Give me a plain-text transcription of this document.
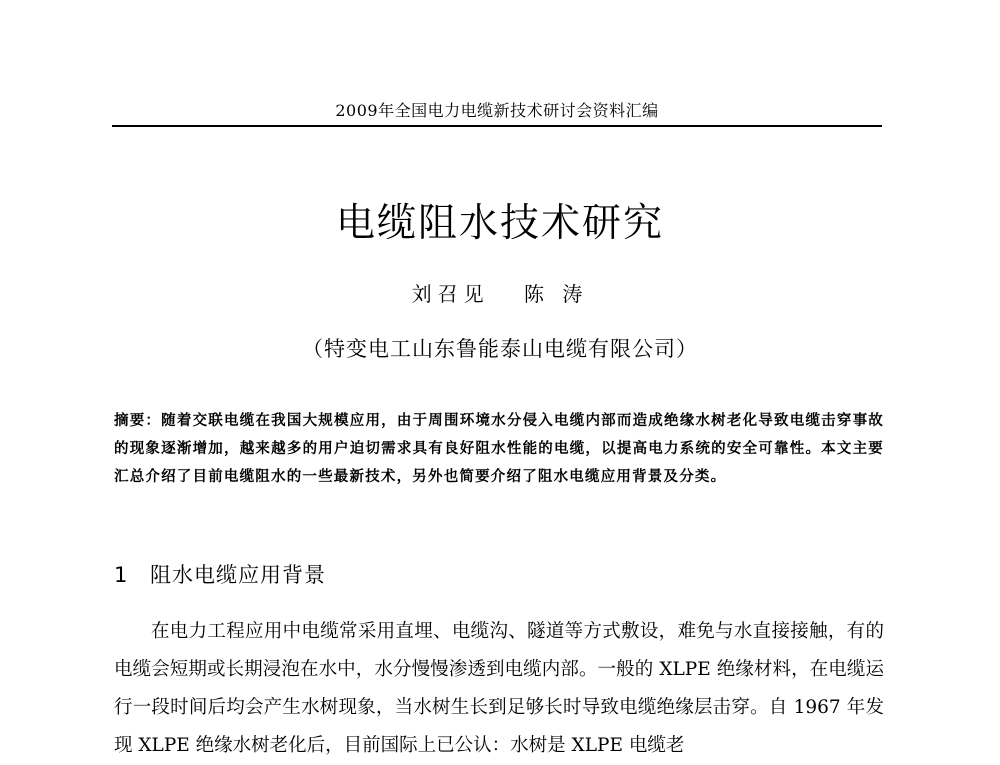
2009年全国电力电缆新技术研讨会资料汇编
电缆阻水技术研究
刘召见 陈 涛
（特变电工山东鲁能泰山电缆有限公司）
摘要：随着交联电缆在我国大规模应用，由于周围环境水分侵入电缆内部而造成绝缘水树老化导致电缆击穿事故的现象逐渐增加，越来越多的用户迫切需求具有良好阻水性能的电缆，以提高电力系统的安全可靠性。本文主要汇总介绍了目前电缆阻水的一些最新技术，另外也简要介绍了阻水电缆应用背景及分类。
1 阻水电缆应用背景

在电力工程应用中电缆常采用直埋、电缆沟、隧道等方式敷设，难免与水直接接触，有的电缆会短期或长期浸泡在水中，水分慢慢渗透到电缆内部。一般的 XLPE 绝缘材料，在电缆运行一段时间后均会产生水树现象，当水树生长到足够长时导致电缆绝缘层击穿。自 1967 年发现 XLPE 绝缘水树老化后，目前国际上已公认：水树是 XLPE 电缆老
